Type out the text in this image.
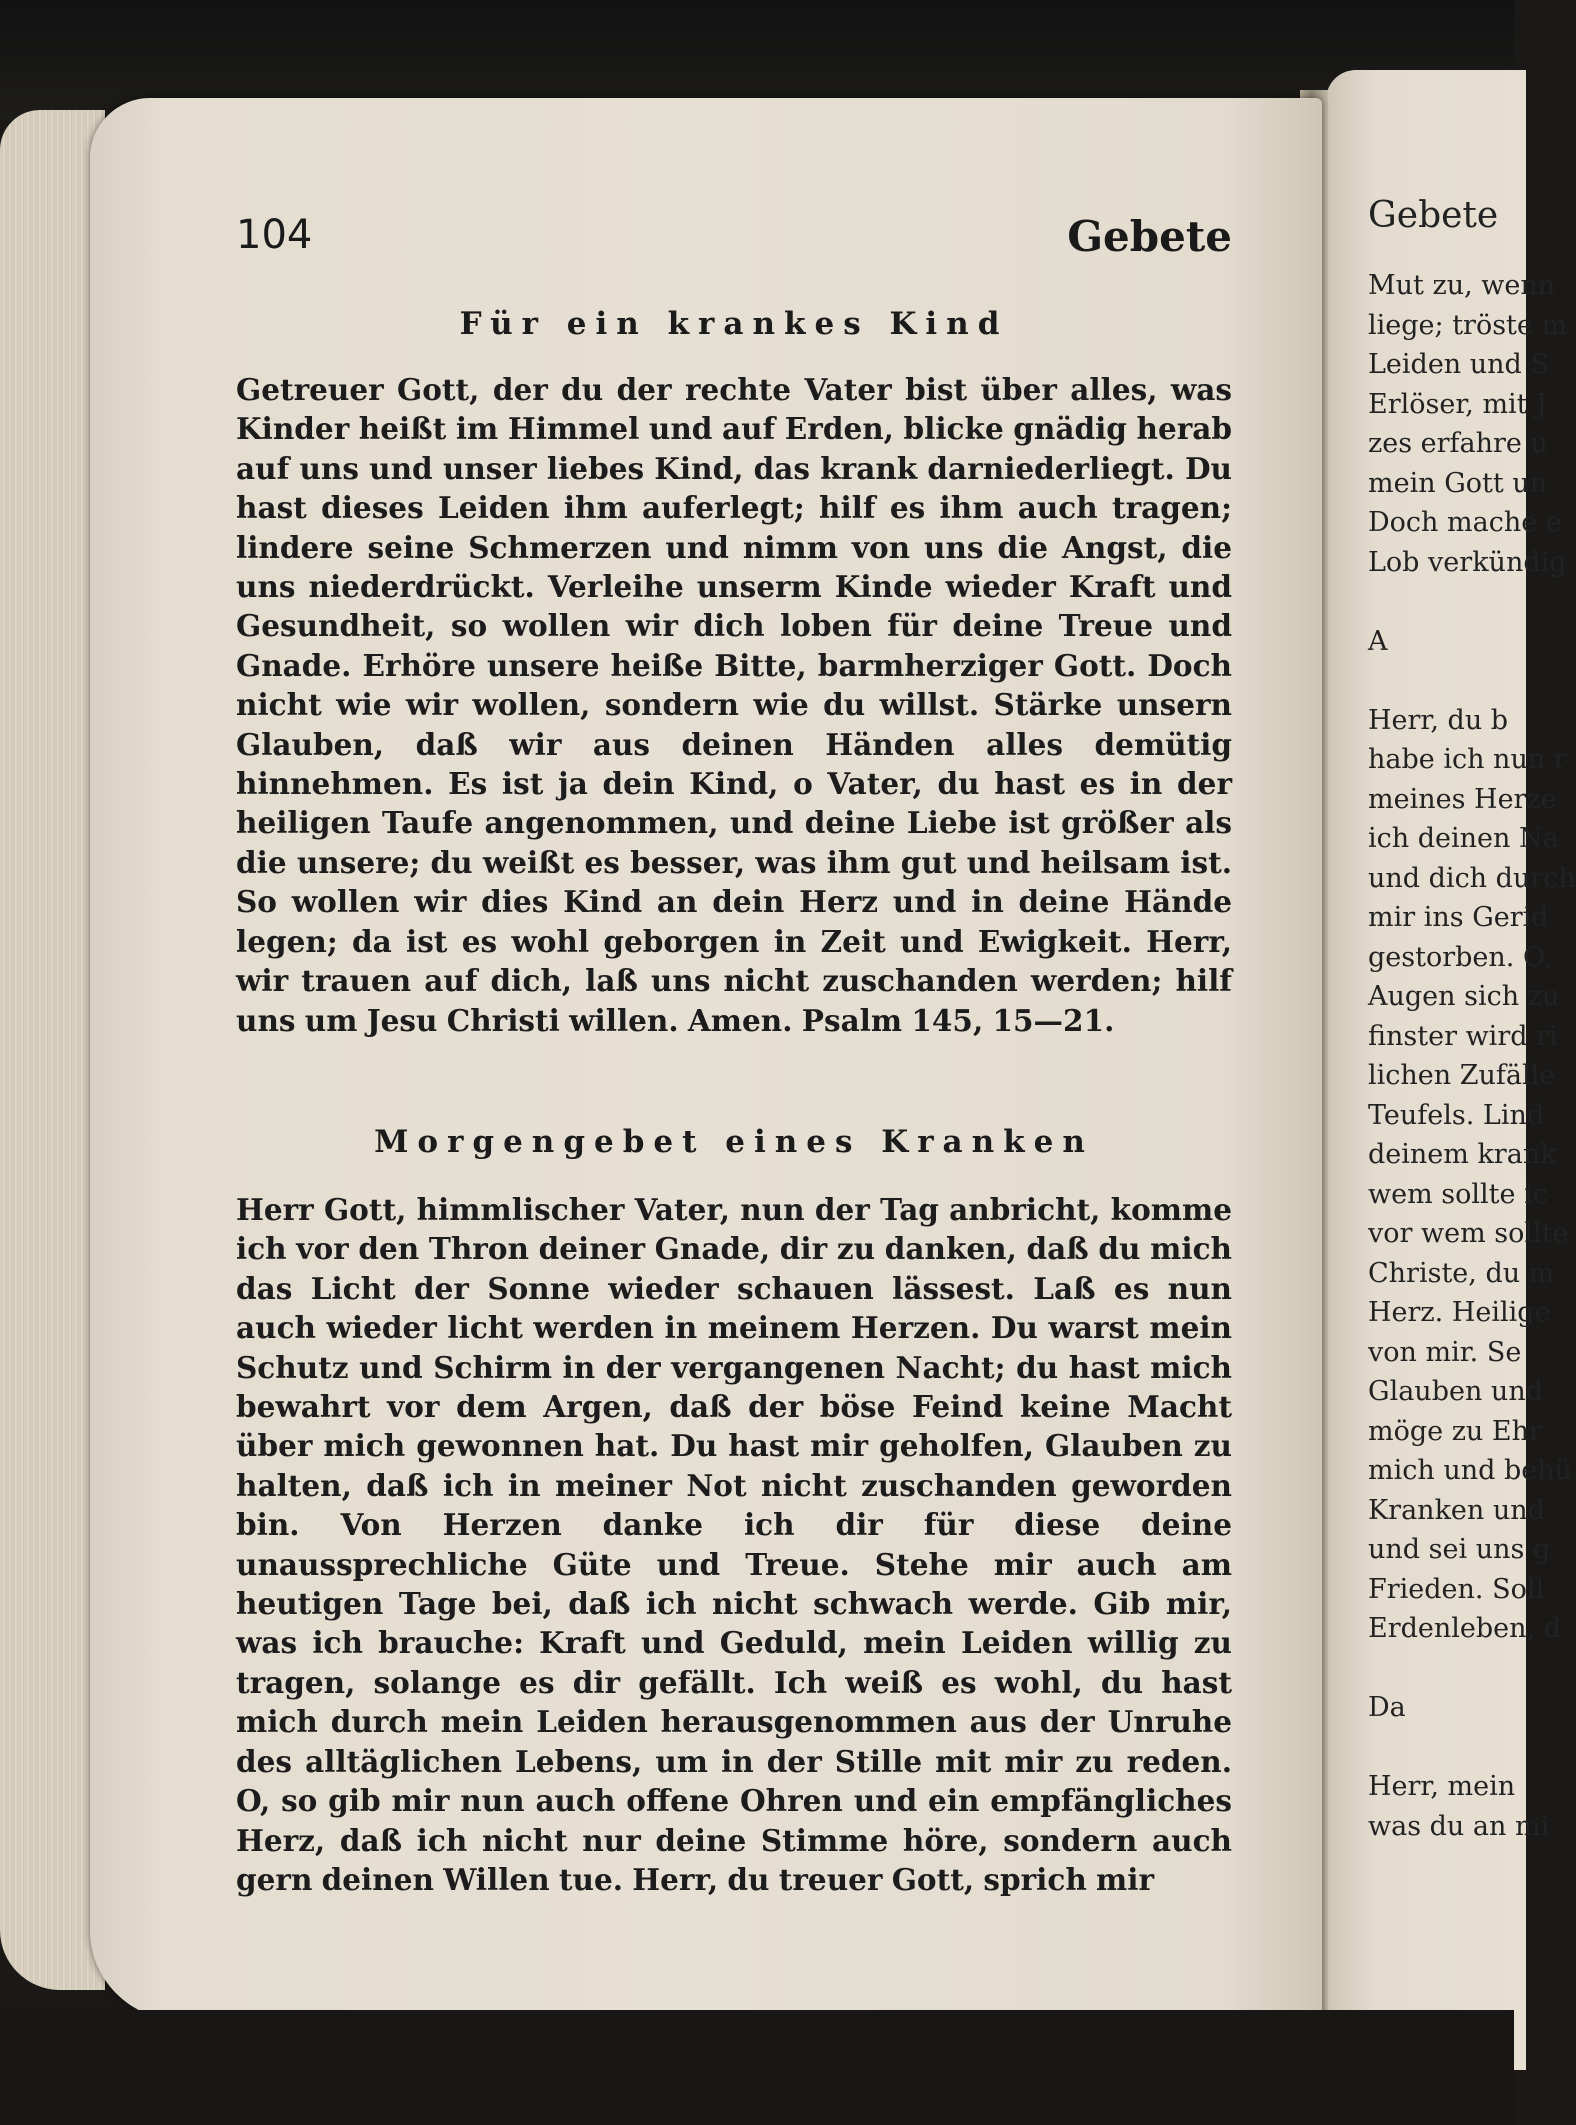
104	Gebete

Für ein krankes Kind

Getreuer Gott, der du der rechte Vater bist über alles, was Kinder heißt im Himmel und auf Erden, blicke gnädig herab auf uns und unser liebes Kind, das krank darniederliegt. Du hast dieses Leiden ihm auferlegt; hilf es ihm auch tragen; lindere seine Schmerzen und nimm von uns die Angst, die uns niederdrückt. Verleihe unserm Kinde wieder Kraft und Gesundheit, so wollen wir dich loben für deine Treue und Gnade. Erhöre unsere heiße Bitte, barmherziger Gott. Doch nicht wie wir wollen, sondern wie du willst. Stärke unsern Glauben, daß wir aus deinen Händen alles demütig hinnehmen. Es ist ja dein Kind, o Vater, du hast es in der heiligen Taufe angenommen, und deine Liebe ist größer als die unsere; du weißt es besser, was ihm gut und heilsam ist. So wollen wir dies Kind an dein Herz und in deine Hände legen; da ist es wohl geborgen in Zeit und Ewigkeit. Herr, wir trauen auf dich, laß uns nicht zuschanden werden; hilf uns um Jesu Christi willen. Amen. Psalm 145, 15—21.

Morgengebet eines Kranken

Herr Gott, himmlischer Vater, nun der Tag anbricht, komme ich vor den Thron deiner Gnade, dir zu danken, daß du mich das Licht der Sonne wieder schauen lässest. Laß es nun auch wieder licht werden in meinem Herzen. Du warst mein Schutz und Schirm in der vergangenen Nacht; du hast mich bewahrt vor dem Argen, daß der böse Feind keine Macht über mich gewonnen hat. Du hast mir geholfen, Glauben zu halten, daß ich in meiner Not nicht zuschanden geworden bin. Von Herzen danke ich dir für diese deine unaussprechliche Güte und Treue. Stehe mir auch am heutigen Tage bei, daß ich nicht schwach werde. Gib mir, was ich brauche: Kraft und Geduld, mein Leiden willig zu tragen, solange es dir gefällt. Ich weiß es wohl, du hast mich durch mein Leiden herausgenommen aus der Unruhe des alltäglichen Lebens, um in der Stille mit mir zu reden. O, so gib mir nun auch offene Ohren und ein empfängliches Herz, daß ich nicht nur deine Stimme höre, sondern auch gern deinen Willen tue. Herr, du treuer Gott, sprich mir

Gebete

Mut zu, wenn
liege; tröste m
Leiden und S
Erlöser, mit J
zes erfahre u
mein Gott un
Doch mache e
Lob verkündig
A
Herr, du b
habe ich nun r
meines Herze
ich deinen Na
und dich durch
mir ins Gerid
gestorben. O,
Augen sich zu
finster wird ri
lichen Zufälle
Teufels. Lind
deinem krank
wem sollte ic
vor wem sollte
Christe, du m
Herz. Heilige
von mir. Se
Glauben und
möge zu Ehr
mich und behü
Kranken und
und sei uns g
Frieden. Soll
Erdenleben, d
Da
Herr, mein
was du an mi
